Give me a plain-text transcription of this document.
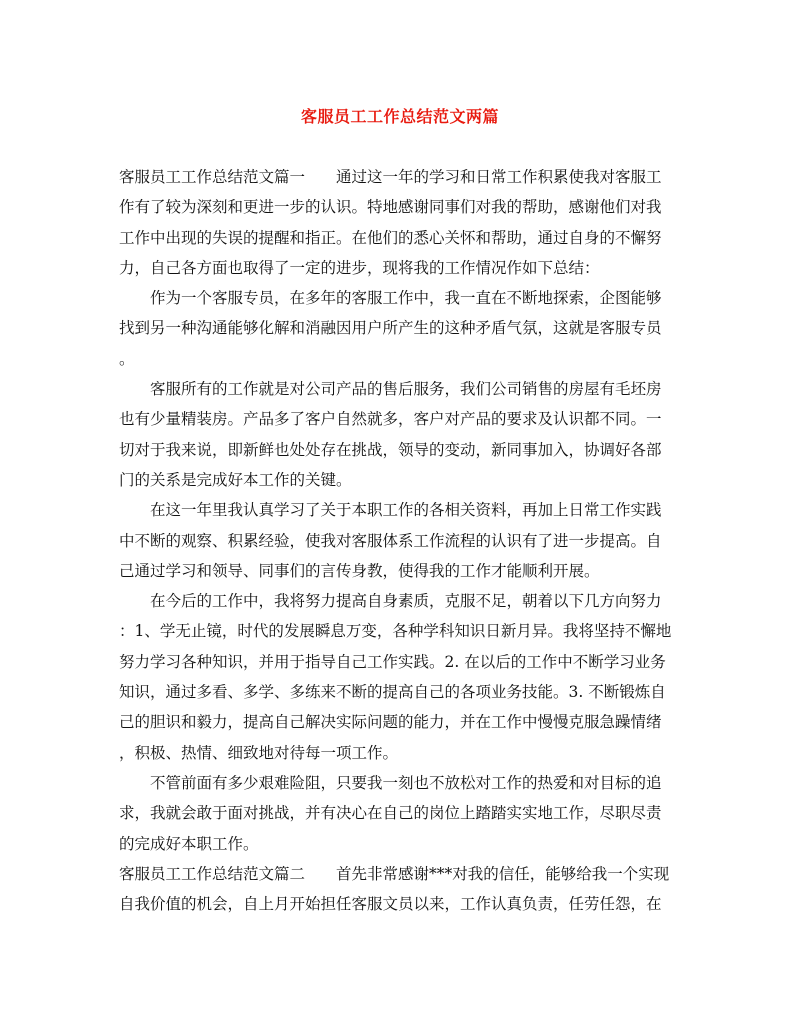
客服员工工作总结范文两篇
客服员工工作总结范文篇一　　通过这一年的学习和日常工作积累使我对客服工
作有了较为深刻和更进一步的认识。特地感谢同事们对我的帮助，感谢他们对我
工作中出现的失误的提醒和指正。在他们的悉心关怀和帮助，通过自身的不懈努
力，自己各方面也取得了一定的进步，现将我的工作情况作如下总结：
作为一个客服专员，在多年的客服工作中，我一直在不断地探索，企图能够
找到另一种沟通能够化解和消融因用户所产生的这种矛盾气氛，这就是客服专员
。
客服所有的工作就是对公司产品的售后服务，我们公司销售的房屋有毛坯房
也有少量精装房。产品多了客户自然就多，客户对产品的要求及认识都不同。一
切对于我来说，即新鲜也处处存在挑战，领导的变动，新同事加入，协调好各部
门的关系是完成好本工作的关键。
在这一年里我认真学习了关于本职工作的各相关资料，再加上日常工作实践
中不断的观察、积累经验，使我对客服体系工作流程的认识有了进一步提高。自
己通过学习和领导、同事们的言传身教，使得我的工作才能顺利开展。
在今后的工作中，我将努力提高自身素质，克服不足，朝着以下几方向努力
：1、学无止镜，时代的发展瞬息万变，各种学科知识日新月异。我将坚持不懈地
努力学习各种知识，并用于指导自己工作实践。2. 在以后的工作中不断学习业务
知识，通过多看、多学、多练来不断的提高自己的各项业务技能。3. 不断锻炼自
己的胆识和毅力，提高自己解决实际问题的能力，并在工作中慢慢克服急躁情绪
，积极、热情、细致地对待每一项工作。
不管前面有多少艰难险阻，只要我一刻也不放松对工作的热爱和对目标的追
求，我就会敢于面对挑战，并有决心在自己的岗位上踏踏实实地工作，尽职尽责
的完成好本职工作。
客服员工工作总结范文篇二　　首先非常感谢***对我的信任，能够给我一个实现
自我价值的机会，自上月开始担任客服文员以来，工作认真负责，任劳任怨，在
